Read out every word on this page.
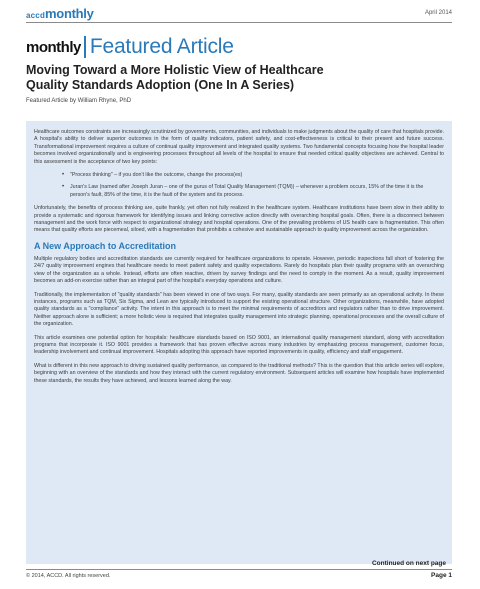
accdmonthly	April 2014
monthly Featured Article
Moving Toward a More Holistic View of Healthcare
Quality Standards Adoption (One In A Series)
Featured Article by William Rhyne, PhD

Healthcare outcomes constraints are increasingly scrutinized by governments, communities, and individuals to make judgments about the quality of care that hospitals provide. A hospital's ability to deliver superior outcomes in the form of quality indicators, patient safety, and cost-effectiveness is critical to their present and future success. Transformational improvement requires a culture of continual quality improvement and integrated quality systems. Two fundamental concepts focusing how the hospital leader becomes involved organizationally and is engineering processes throughout all levels of the hospital to ensure that needed critical quality objectives are achieved. Central to this assessment is the acceptance of two key points:

• "Process thinking" – if you don't like the outcome, change the process(es)
• Juran's Law (named after Joseph Juran – one of the gurus of Total Quality Management (TQM)) – whenever a problem occurs, 15% of the time it is the person's fault, 85% of the time, it is the fault of the system and its process.

Unfortunately, the benefits of process thinking are, quite frankly, yet often not fully realized in the healthcare system. Healthcare institutions have been slow in their ability to provide a systematic and rigorous framework for identifying issues and linking corrective action directly with overarching hospital goals. Often, there is a disconnect between management and the work force with respect to organizational strategy and hospital operations. One of the prevailing problems of US health care is fragmentation. This often means that quality efforts are piecemeal, siloed, with a fragmentation that prohibits a cohesive and sustainable approach to quality improvement across the organization.

A New Approach to Accreditation

Multiple regulatory bodies and accreditation standards are currently required for healthcare organizations to operate. However, periodic inspections fall short of fostering the 24/7 quality improvement engines that healthcare needs to meet patient safety and quality expectations. Rarely do hospitals plan their quality programs with an overarching view of the organization as a whole. Instead, efforts are often reactive, driven by survey findings and the need to comply in the moment. As a result, quality improvement becomes an add-on exercise rather than an integral part of the hospital's everyday operations and culture.

Traditionally, the implementation of "quality standards" has been viewed in one of two ways. For many, quality standards are seen primarily as an operational activity. In these instances, programs such as TQM, Six Sigma, and Lean are typically introduced to support the existing operational structure. Other organizations, meanwhile, have adopted quality standards as a "compliance" activity. The intent in this approach is to meet the minimal requirements of accreditors and regulators rather than to drive improvement. Neither approach alone is sufficient; a more holistic view is required that integrates quality management into strategic planning, operational processes and the overall culture of the organization.

This article examines one potential option for hospitals: healthcare standards based on ISO 9001, an international quality management standard, along with accreditation programs that incorporate it. ISO 9001 provides a framework that has proven effective across many industries by emphasizing process management, customer focus, leadership involvement and continual improvement. Hospitals adopting this approach have reported improvements in quality, efficiency and staff engagement.

What is different in this new approach to driving sustained quality performance, as compared to the traditional methods? This is the question that this article series will explore, beginning with an overview of the standards and how they interact with the current regulatory environment. Subsequent articles will examine how hospitals have implemented these standards, the results they have achieved, and lessons learned along the way.

Continued on next page
© 2014, ACCD. All rights reserved.	Page 1
